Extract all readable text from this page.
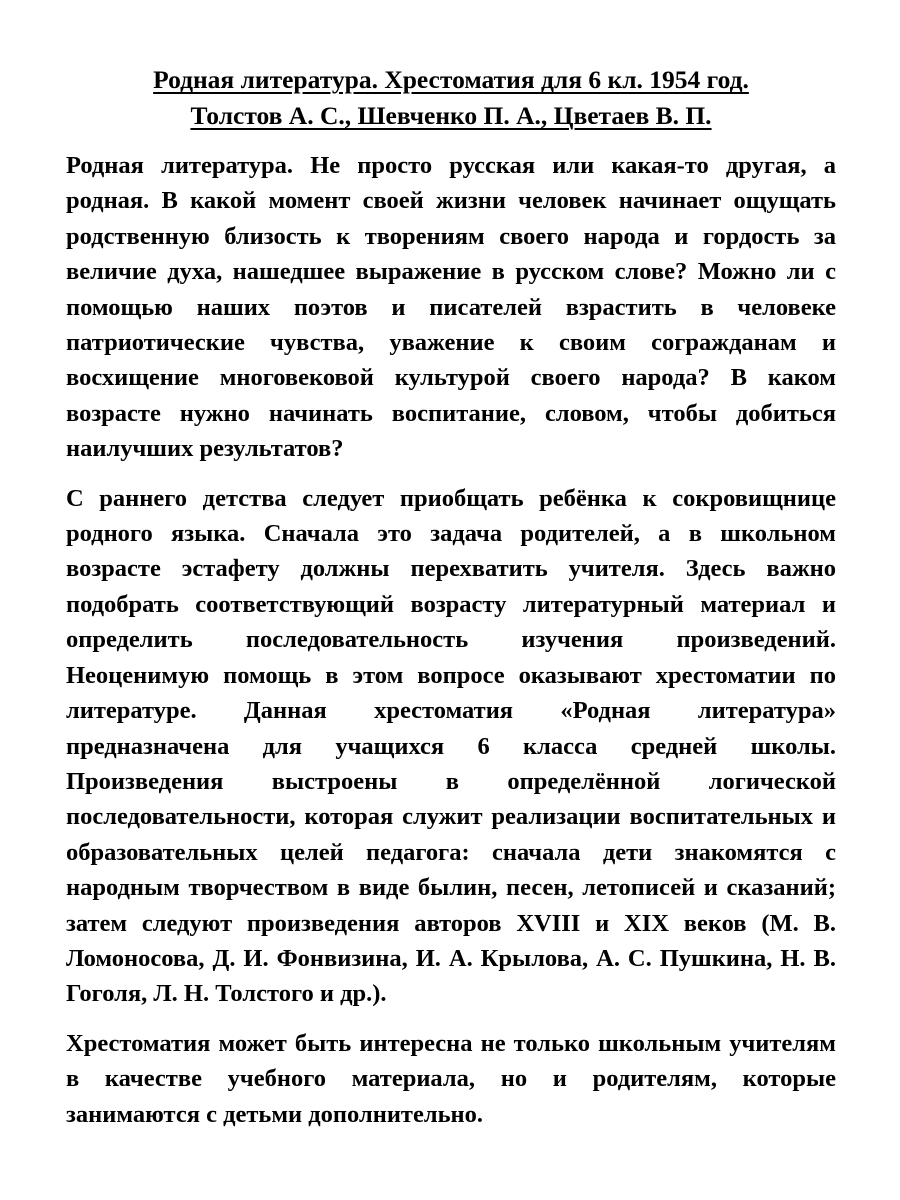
Родная литература. Хрестоматия для 6 кл. 1954 год.
Толстов А. С., Шевченко П. А., Цветаев В. П.

Родная литература. Не просто русская или какая-то другая, а родная. В какой момент своей жизни человек начинает ощущать родственную близость к творениям своего народа и гордость за величие духа, нашедшее выражение в русском слове? Можно ли с помощью наших поэтов и писателей взрастить в человеке патриотические чувства, уважение к своим согражданам и восхищение многовековой культурой своего народа? В каком возрасте нужно начинать воспитание, словом, чтобы добиться наилучших результатов?

С раннего детства следует приобщать ребёнка к сокровищнице родного языка. Сначала это задача родителей, а в школьном возрасте эстафету должны перехватить учителя. Здесь важно подобрать соответствующий возрасту литературный материал и определить последовательность изучения произведений. Неоценимую помощь в этом вопросе оказывают хрестоматии по литературе. Данная хрестоматия «Родная литература» предназначена для учащихся 6 класса средней школы. Произведения выстроены в определённой логической последовательности, которая служит реализации воспитательных и образовательных целей педагога: сначала дети знакомятся с народным творчеством в виде былин, песен, летописей и сказаний; затем следуют произведения авторов XVIII и XIX веков (М. В. Ломоносова, Д. И. Фонвизина, И. А. Крылова, А. С. Пушкина, Н. В. Гоголя, Л. Н. Толстого и др.).

Хрестоматия может быть интересна не только школьным учителям в качестве учебного материала, но и родителям, которые занимаются с детьми дополнительно.
